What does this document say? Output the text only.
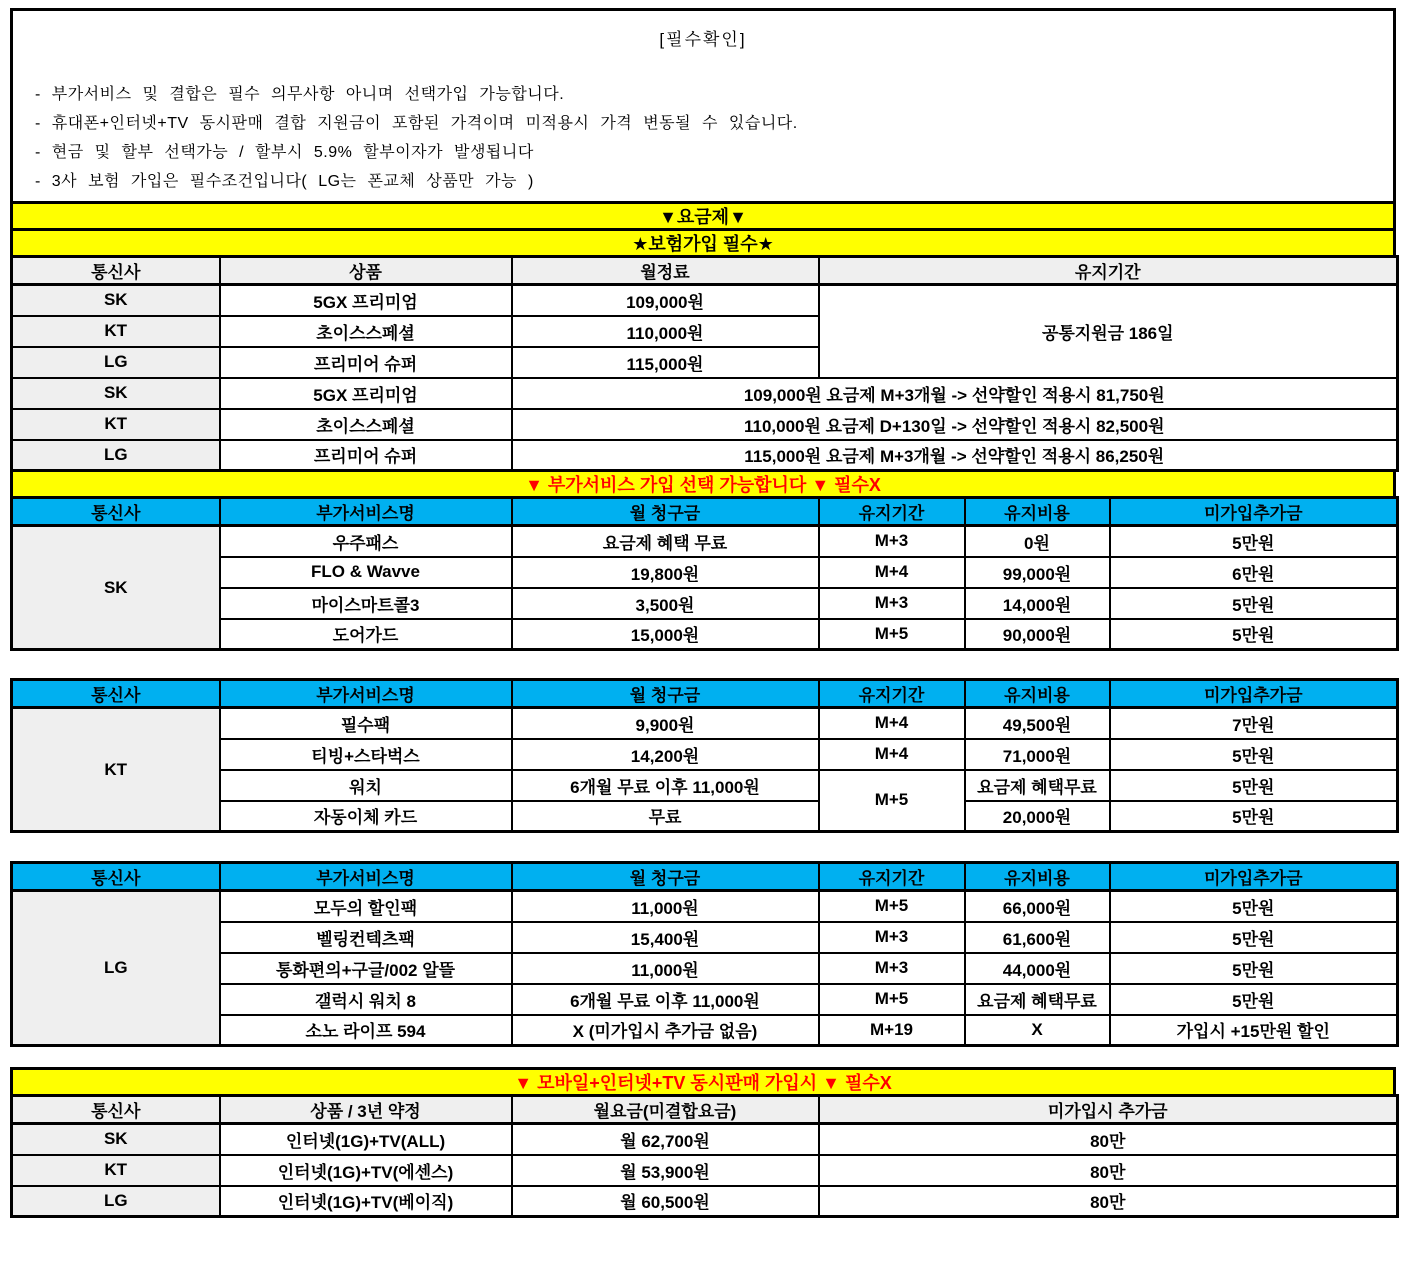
[필수확인]
- 부가서비스 및 결합은 필수 의무사항 아니며 선택가입 가능합니다.
- 휴대폰+인터넷+TV 동시판매 결합 지원금이 포함된 가격이며 미적용시 가격 변동될 수 있습니다.
- 현금 및 할부 선택가능 / 할부시 5.9% 할부이자가 발생됩니다
- 3사 보험 가입은 필수조건입니다( LG는 폰교체 상품만 가능 )
▼요금제▼
★보험가입 필수★
통신사	상품	월정료	유지기간
SK	5GX 프리미엄	109,000원	공통지원금 186일
KT	초이스스페셜	110,000원	
LG	프리미어 슈퍼	115,000원	
SK	5GX 프리미엄	109,000원 요금제 M+3개월 -> 선약할인 적용시 81,750원	
KT	초이스스페셜	110,000원 요금제 D+130일 -> 선약할인 적용시 82,500원	
LG	프리미어 슈퍼	115,000원 요금제 M+3개월 -> 선약할인 적용시 86,250원	
▼ 부가서비스 가입 선택 가능합니다 ▼ 필수X
통신사	부가서비스명	월 청구금	유지기간	유지비용	미가입추가금
SK	우주패스	요금제 혜택 무료	M+3	0원	5만원
	FLO & Wavve	19,800원	M+4	99,000원	6만원
	마이스마트콜3	3,500원	M+3	14,000원	5만원
	도어가드	15,000원	M+5	90,000원	5만원
통신사	부가서비스명	월 청구금	유지기간	유지비용	미가입추가금
KT	필수팩	9,900원	M+4	49,500원	7만원
	티빙+스타벅스	14,200원	M+4	71,000원	5만원
	워치	6개월 무료 이후 11,000원	M+5	요금제 혜택무료	5만원
	자동이체 카드	무료		20,000원	5만원
통신사	부가서비스명	월 청구금	유지기간	유지비용	미가입추가금
LG	모두의 할인팩	11,000원	M+5	66,000원	5만원
	벨링컨텍츠팩	15,400원	M+3	61,600원	5만원
	통화편의+구글/002 알뜰	11,000원	M+3	44,000원	5만원
	갤럭시 워치 8	6개월 무료 이후 11,000원	M+5	요금제 혜택무료	5만원
	소노 라이프 594	X (미가입시 추가금 없음)	M+19	X	가입시 +15만원 할인
▼ 모바일+인터넷+TV 동시판매 가입시 ▼ 필수X
통신사	상품 / 3년 약정	월요금(미결합요금)	미가입시 추가금
SK	인터넷(1G)+TV(ALL)	월 62,700원	80만
KT	인터넷(1G)+TV(에센스)	월 53,900원	80만
LG	인터넷(1G)+TV(베이직)	월 60,500원	80만
